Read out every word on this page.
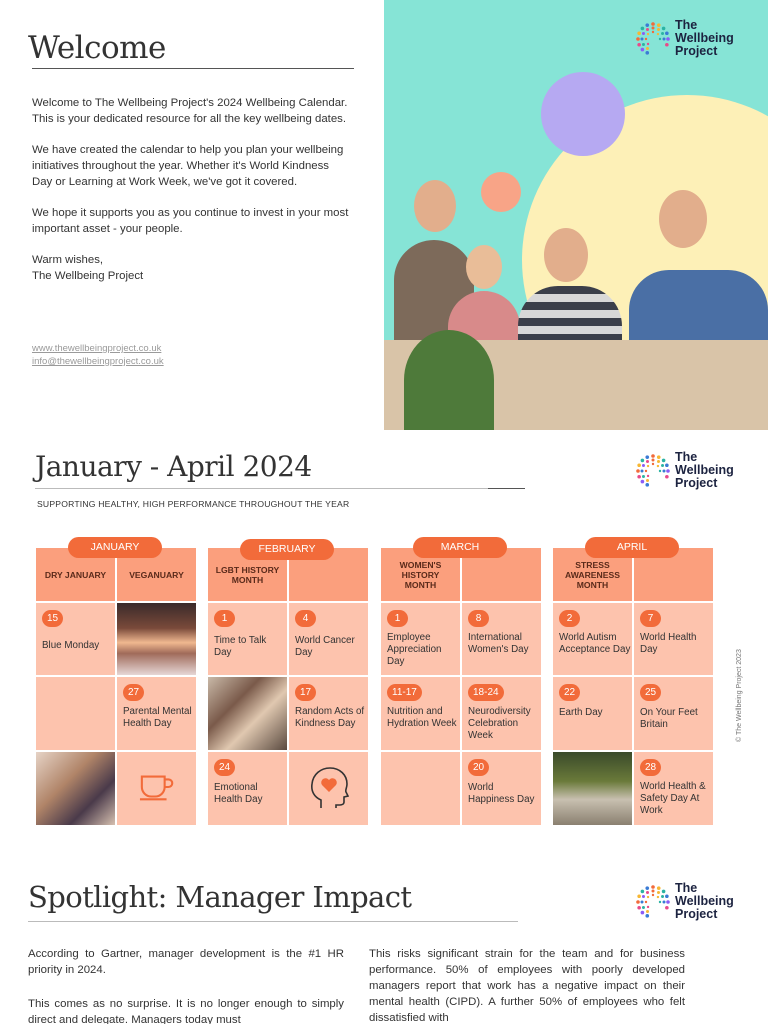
Welcome

Welcome to The Wellbeing Project's 2024 Wellbeing Calendar. This is your dedicated resource for all the key wellbeing dates.

We have created the calendar to help you plan your wellbeing initiatives throughout the year. Whether it's World Kindness Day or Learning at Work Week, we've got it covered.

We hope it supports you as you continue to invest in your most important asset - your people.

Warm wishes,
The Wellbeing Project
www.thewellbeingproject.co.uk
info@thewellbeingproject.co.uk
The
Wellbeing
Project
January - April 2024
SUPPORTING HEALTHY, HIGH PERFORMANCE THROUGHOUT THE YEAR
The
Wellbeing
Project
JANUARY
DRY JANUARY	VEGANUARY
15
Blue Monday
27
Parental Mental Health Day
FEBRUARY
LGBT HISTORY MONTH
1
Time to Talk Day
4
World Cancer Day
17
Random Acts of Kindness Day
24
Emotional Health Day
MARCH
WOMEN'S HISTORY MONTH
1
Employee Appreciation Day
8
International Women's Day
11-17
Nutrition and Hydration Week
18-24
Neurodiversity Celebration Week
20
World Happiness Day
APRIL
STRESS AWARENESS MONTH
2
World Autism Acceptance Day
7
World Health Day
22
Earth Day
25
On Your Feet Britain
28
World Health & Safety Day At Work
© The Wellbeing Project 2023
Spotlight: Manager Impact	The
Wellbeing
Project

According to Gartner, manager development is the #1 HR priority in 2024.

This comes as no surprise. It is no longer enough to simply direct and delegate. Managers today must

This risks significant strain for the team and for business performance. 50% of employees with poorly developed managers report that work has a negative impact on their mental health (CIPD). A further 50% of employees who felt dissatisfied with
